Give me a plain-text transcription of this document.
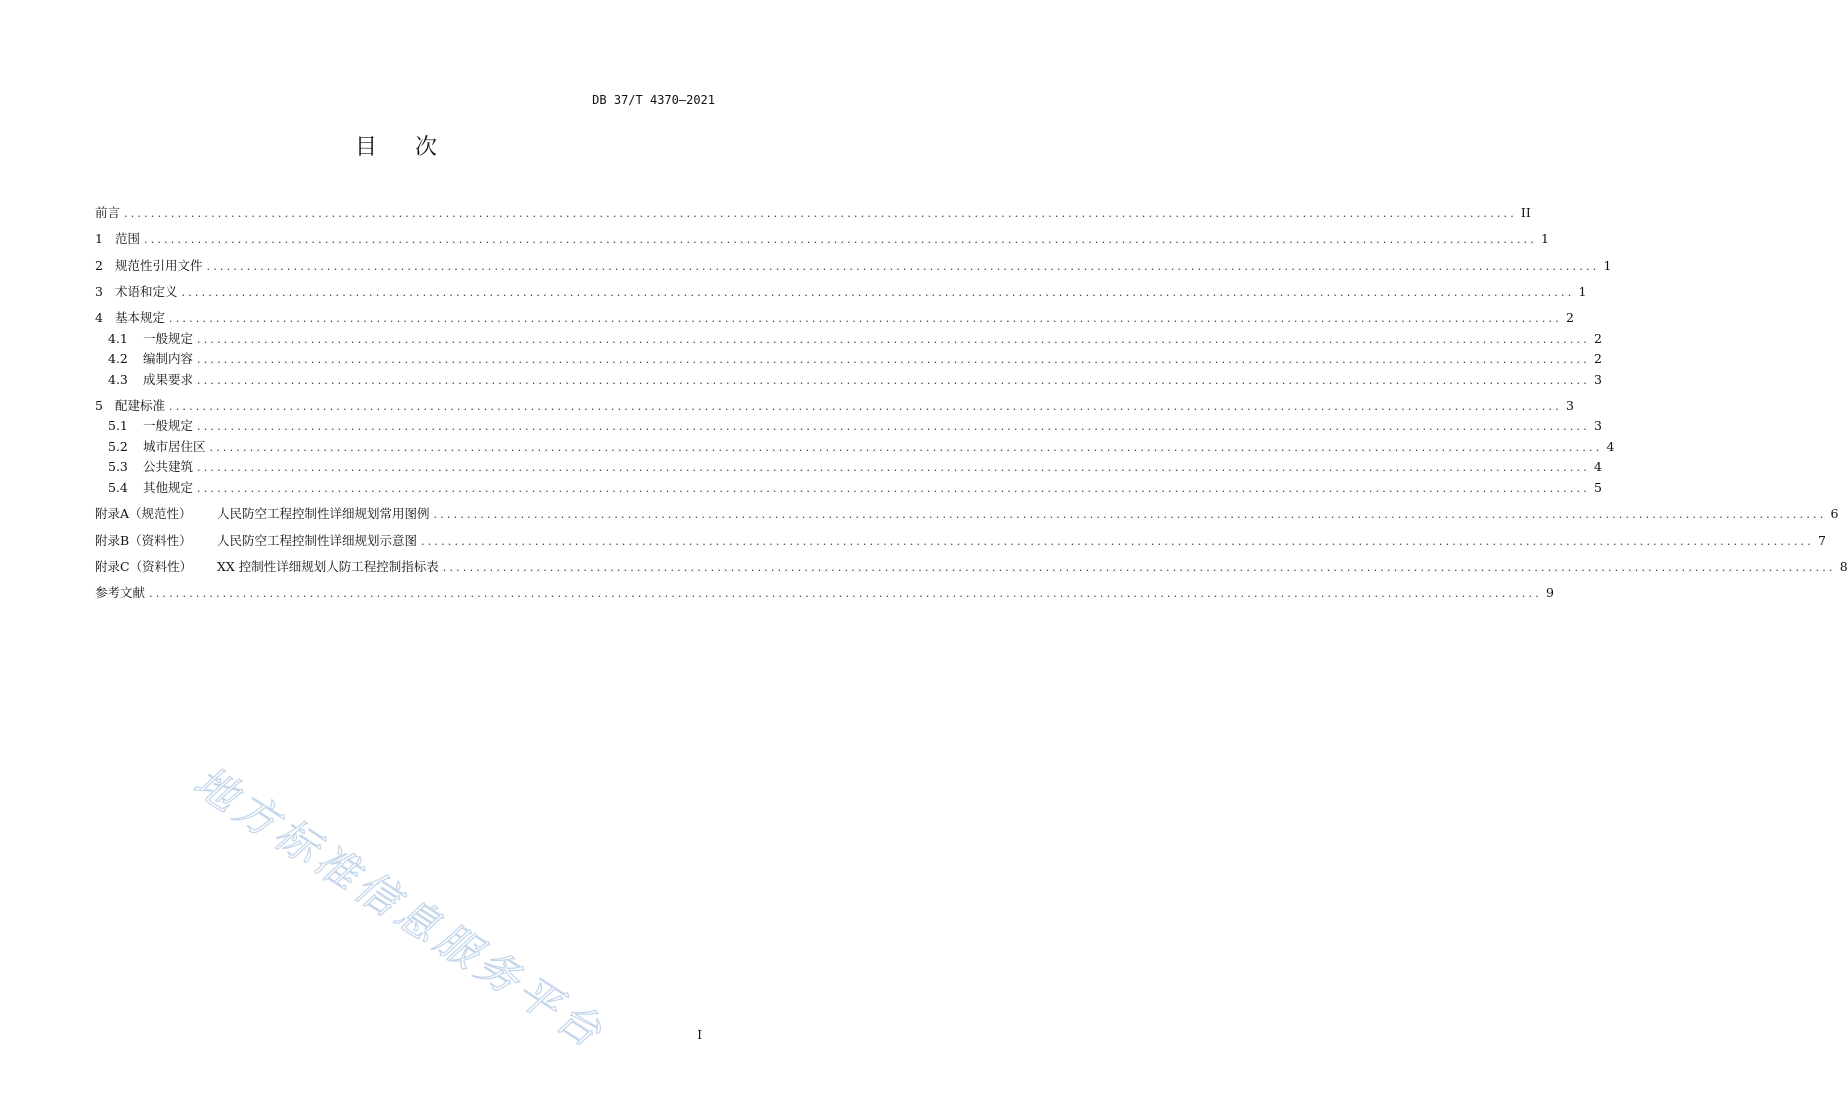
DB 37/T 4370—2021
目次
前言 ................................................................................................................................................................................................................ II
1 范围 ................................................................................................................................................................................................................ 1
2 规范性引用文件 ................................................................................................................................................................................................................ 1
3 术语和定义 ................................................................................................................................................................................................................ 1
4 基本规定 ................................................................................................................................................................................................................ 2
4.1	一般规定 ................................................................................................................................................................................................................ 2
4.2	编制内容 ................................................................................................................................................................................................................ 2
4.3	成果要求 ................................................................................................................................................................................................................ 3
5 配建标准 ................................................................................................................................................................................................................ 3
5.1	一般规定 ................................................................................................................................................................................................................ 3
5.2	城市居住区 ................................................................................................................................................................................................................ 4
5.3	公共建筑 ................................................................................................................................................................................................................ 4
5.4	其他规定 ................................................................................................................................................................................................................ 5
附录A（规范性）	人民防空工程控制性详细规划常用图例 ................................................................................................................................................................................................................ 6
附录B（资料性）	人民防空工程控制性详细规划示意图 ................................................................................................................................................................................................................ 7
附录C（资料性）	XX 控制性详细规划人防工程控制指标表 ................................................................................................................................................................................................................ 8
参考文献 ................................................................................................................................................................................................................ 9
地方标准信息服务平台	I
